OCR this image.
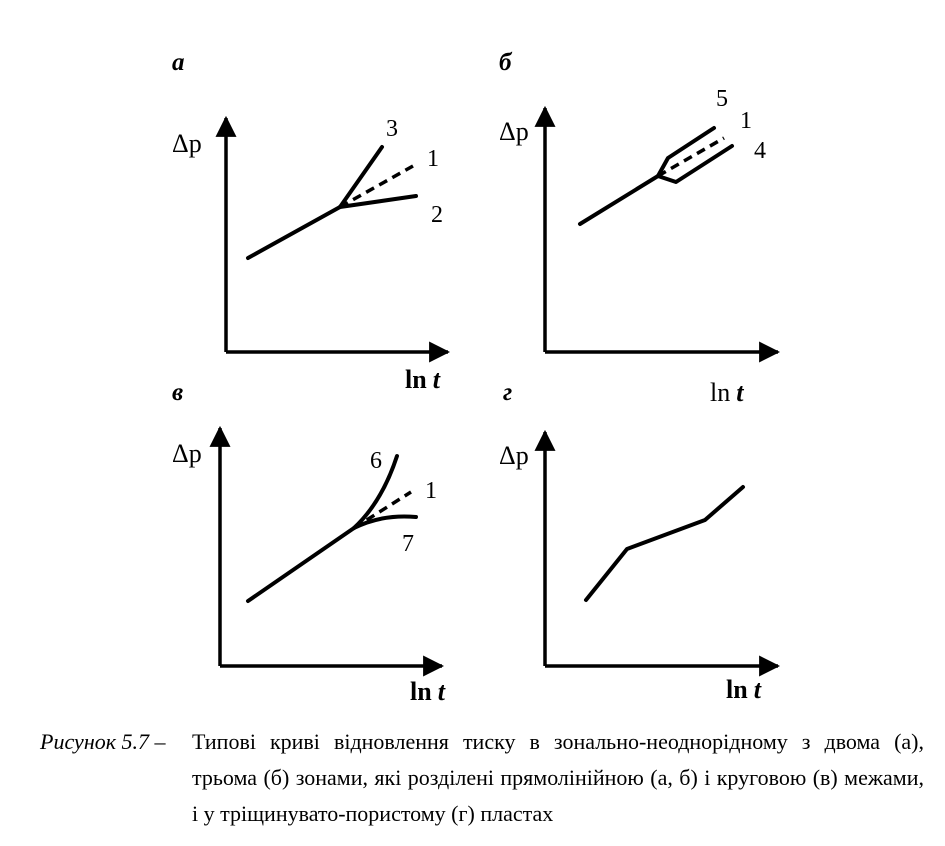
а
Δp
ln t
3
1
2
б
Δp
ln t
5
1
4
в
Δp
ln t
6
1
7
г
Δp
ln t
Рисунок 5.7 – Типові криві відновлення тиску в зонально-неоднорідному з двома (а), трьома (б) зонами, які розділені прямолінійною (а, б) і круговою (в) межами, і у тріщинувато-пористому (г) пластах
